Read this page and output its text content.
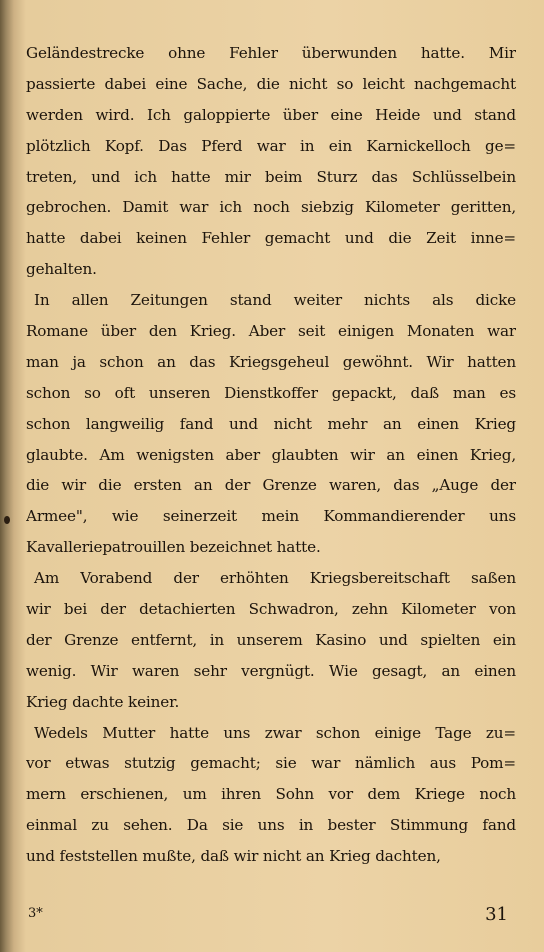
Geländestrecke ohne Fehler überwunden hatte. Mir
passierte dabei eine Sache, die nicht so leicht nachgemacht
werden wird. Ich galoppierte über eine Heide und stand
plötzlich Kopf. Das Pferd war in ein Karnickelloch ge=
treten, und ich hatte mir beim Sturz das Schlüsselbein
gebrochen. Damit war ich noch siebzig Kilometer geritten,
hatte dabei keinen Fehler gemacht und die Zeit inne=
gehalten.
In allen Zeitungen stand weiter nichts als dicke
Romane über den Krieg. Aber seit einigen Monaten war
man ja schon an das Kriegsgeheul gewöhnt. Wir hatten
schon so oft unseren Dienstkoffer gepackt, daß man es
schon langweilig fand und nicht mehr an einen Krieg
glaubte. Am wenigsten aber glaubten wir an einen Krieg,
die wir die ersten an der Grenze waren, das „Auge der
Armee", wie seinerzeit mein Kommandierender uns
Kavalleriepatrouillen bezeichnet hatte.
Am Vorabend der erhöhten Kriegsbereitschaft saßen
wir bei der detachierten Schwadron, zehn Kilometer von
der Grenze entfernt, in unserem Kasino und spielten ein
wenig. Wir waren sehr vergnügt. Wie gesagt, an einen
Krieg dachte keiner.
Wedels Mutter hatte uns zwar schon einige Tage zu=
vor etwas stutzig gemacht; sie war nämlich aus Pom=
mern erschienen, um ihren Sohn vor dem Kriege noch
einmal zu sehen. Da sie uns in bester Stimmung fand
und feststellen mußte, daß wir nicht an Krieg dachten,
3*	31
